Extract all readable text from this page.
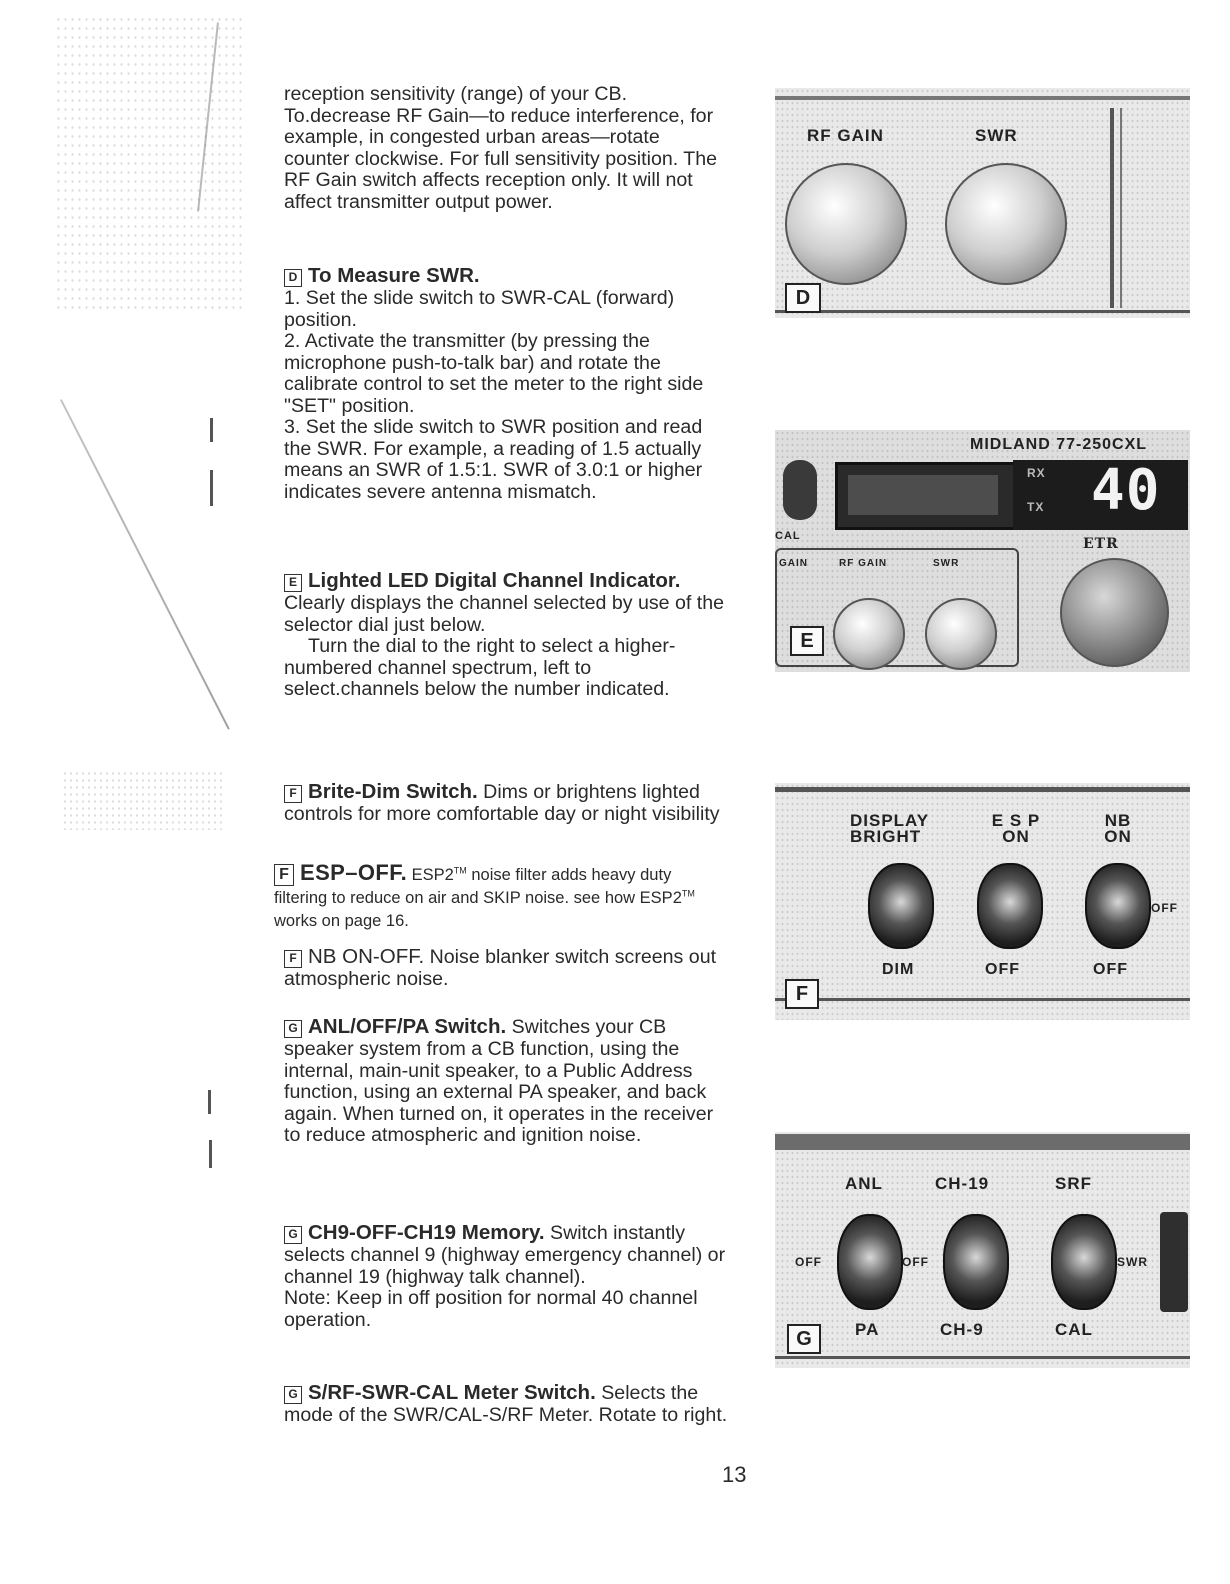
reception sensitivity (range) of your CB. To.decrease RF Gain—to reduce interference, for example, in congested urban areas—rotate counter clockwise. For full sensitivity position. The RF Gain switch affects reception only. It will not affect transmitter output power.

D To Measure SWR.

1. Set the slide switch to SWR-CAL (forward) position.

2. Activate the transmitter (by pressing the microphone push-to-talk bar) and rotate the calibrate control to set the meter to the right side "SET" position.

3. Set the slide switch to SWR position and read the SWR. For example, a reading of 1.5 actually means an SWR of 1.5:1. SWR of 3.0:1 or higher indicates severe antenna mismatch.

E Lighted LED Digital Channel Indicator. Clearly displays the channel selected by use of the selector dial just below.

Turn the dial to the right to select a higher-numbered channel spectrum, left to select.channels below the number indicated.

F Brite-Dim Switch. Dims or brightens lighted controls for more comfortable day or night visibility

F ESP–OFF. ESP2™ noise filter adds heavy duty filtering to reduce on air and SKIP noise. see how ESP2™ works on page 16.

F NB ON-OFF. Noise blanker switch screens out atmospheric noise.

G ANL/OFF/PA Switch. Switches your CB speaker system from a CB function, using the internal, main-unit speaker, to a Public Address function, using an external PA speaker, and back again. When turned on, it operates in the receiver to reduce atmospheric and ignition noise.

G CH9-OFF-CH19 Memory. Switch instantly selects channel 9 (highway emergency channel) or channel 19 (highway talk channel).

Note: Keep in off position for normal 40 channel operation.

G S/RF-SWR-CAL Meter Switch. Selects the mode of the SWR/CAL-S/RF Meter. Rotate to right.

13
RF GAIN	SWR
D
MIDLAND 77-250CXL
RX
TX 40
CAL	ETR
GAIN	RF GAIN	SWR
E
DISPLAY BRIGHT
E S P ON
NB ON
OFF
DIM	OFF	OFF
F
ANL	CH-19	SRF
OFF	OFF	SWR
PA	CH-9	CAL
G
